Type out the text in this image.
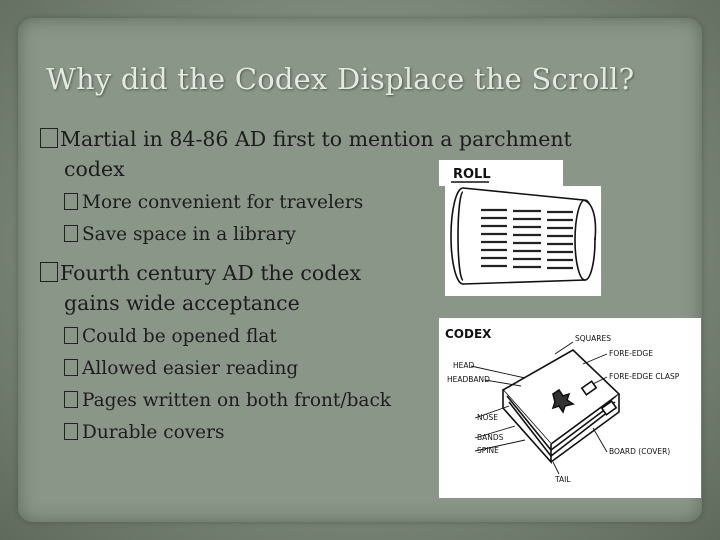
Why did the Codex Displace the Scroll?
Martial in 84-86 AD first to mention a parchment
codex
More convenient for travelers
Save space in a library
Fourth century AD the codex
gains wide acceptance
Could be opened flat
Allowed easier reading
Pages written on both front/back
Durable covers
ROLL
CODEX	SQUARES
FORE-EDGE
FORE-EDGE CLASP
HEAD
HEADBAND
NOSE
BANDS
SPINE	BOARD (COVER)
TAIL
